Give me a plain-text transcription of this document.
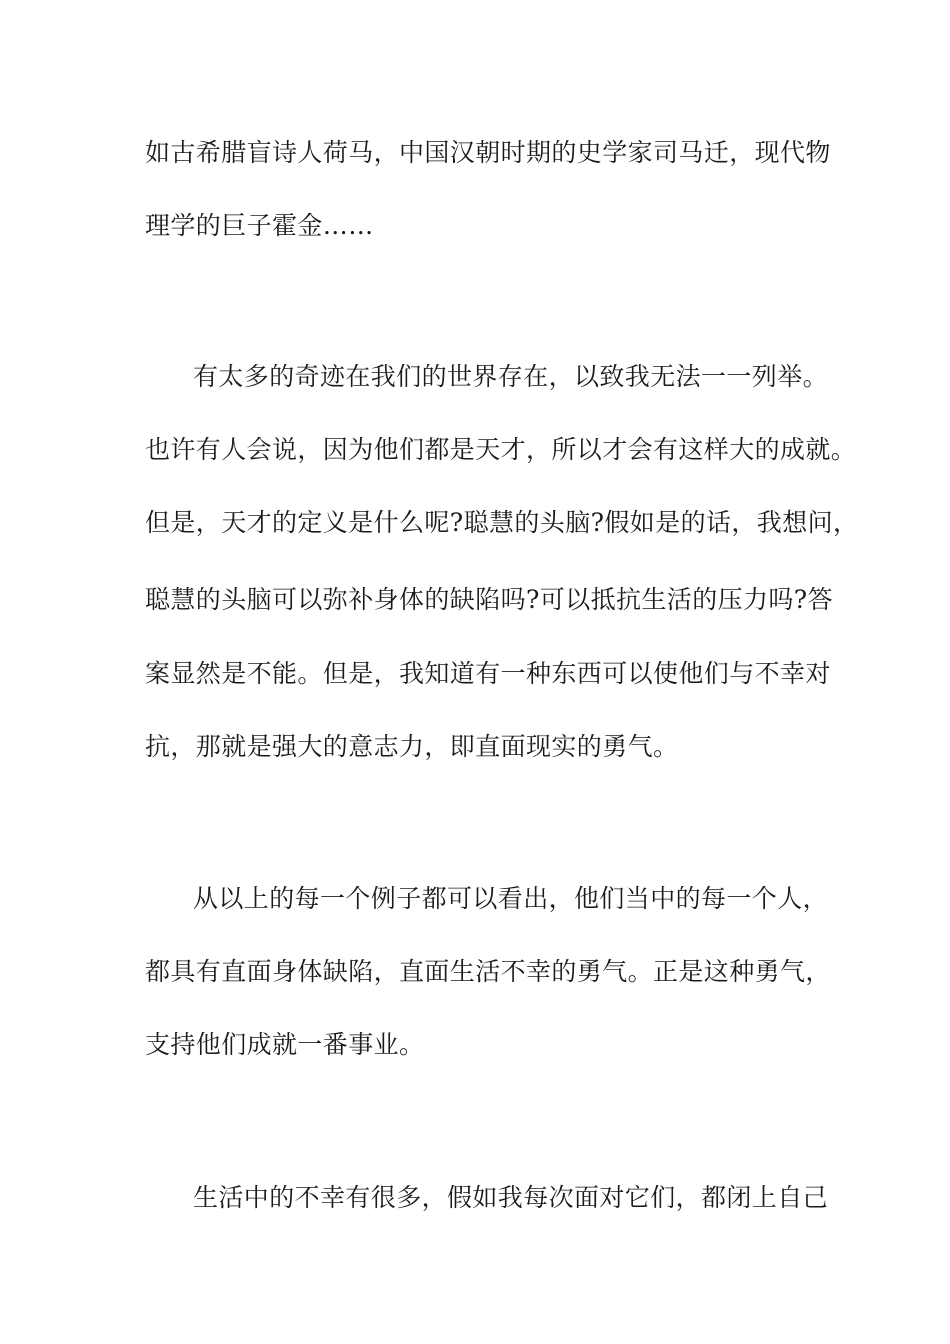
如古希腊盲诗人荷马，中国汉朝时期的史学家司马迁，现代物
理学的巨子霍金……
有太多的奇迹在我们的世界存在，以致我无法一一列举。
也许有人会说，因为他们都是天才，所以才会有这样大的成就。
但是，天才的定义是什么呢?聪慧的头脑?假如是的话，我想问，
聪慧的头脑可以弥补身体的缺陷吗?可以抵抗生活的压力吗?答
案显然是不能。但是，我知道有一种东西可以使他们与不幸对
抗，那就是强大的意志力，即直面现实的勇气。
从以上的每一个例子都可以看出，他们当中的每一个人，
都具有直面身体缺陷，直面生活不幸的勇气。正是这种勇气，
支持他们成就一番事业。
生活中的不幸有很多，假如我每次面对它们，都闭上自己
